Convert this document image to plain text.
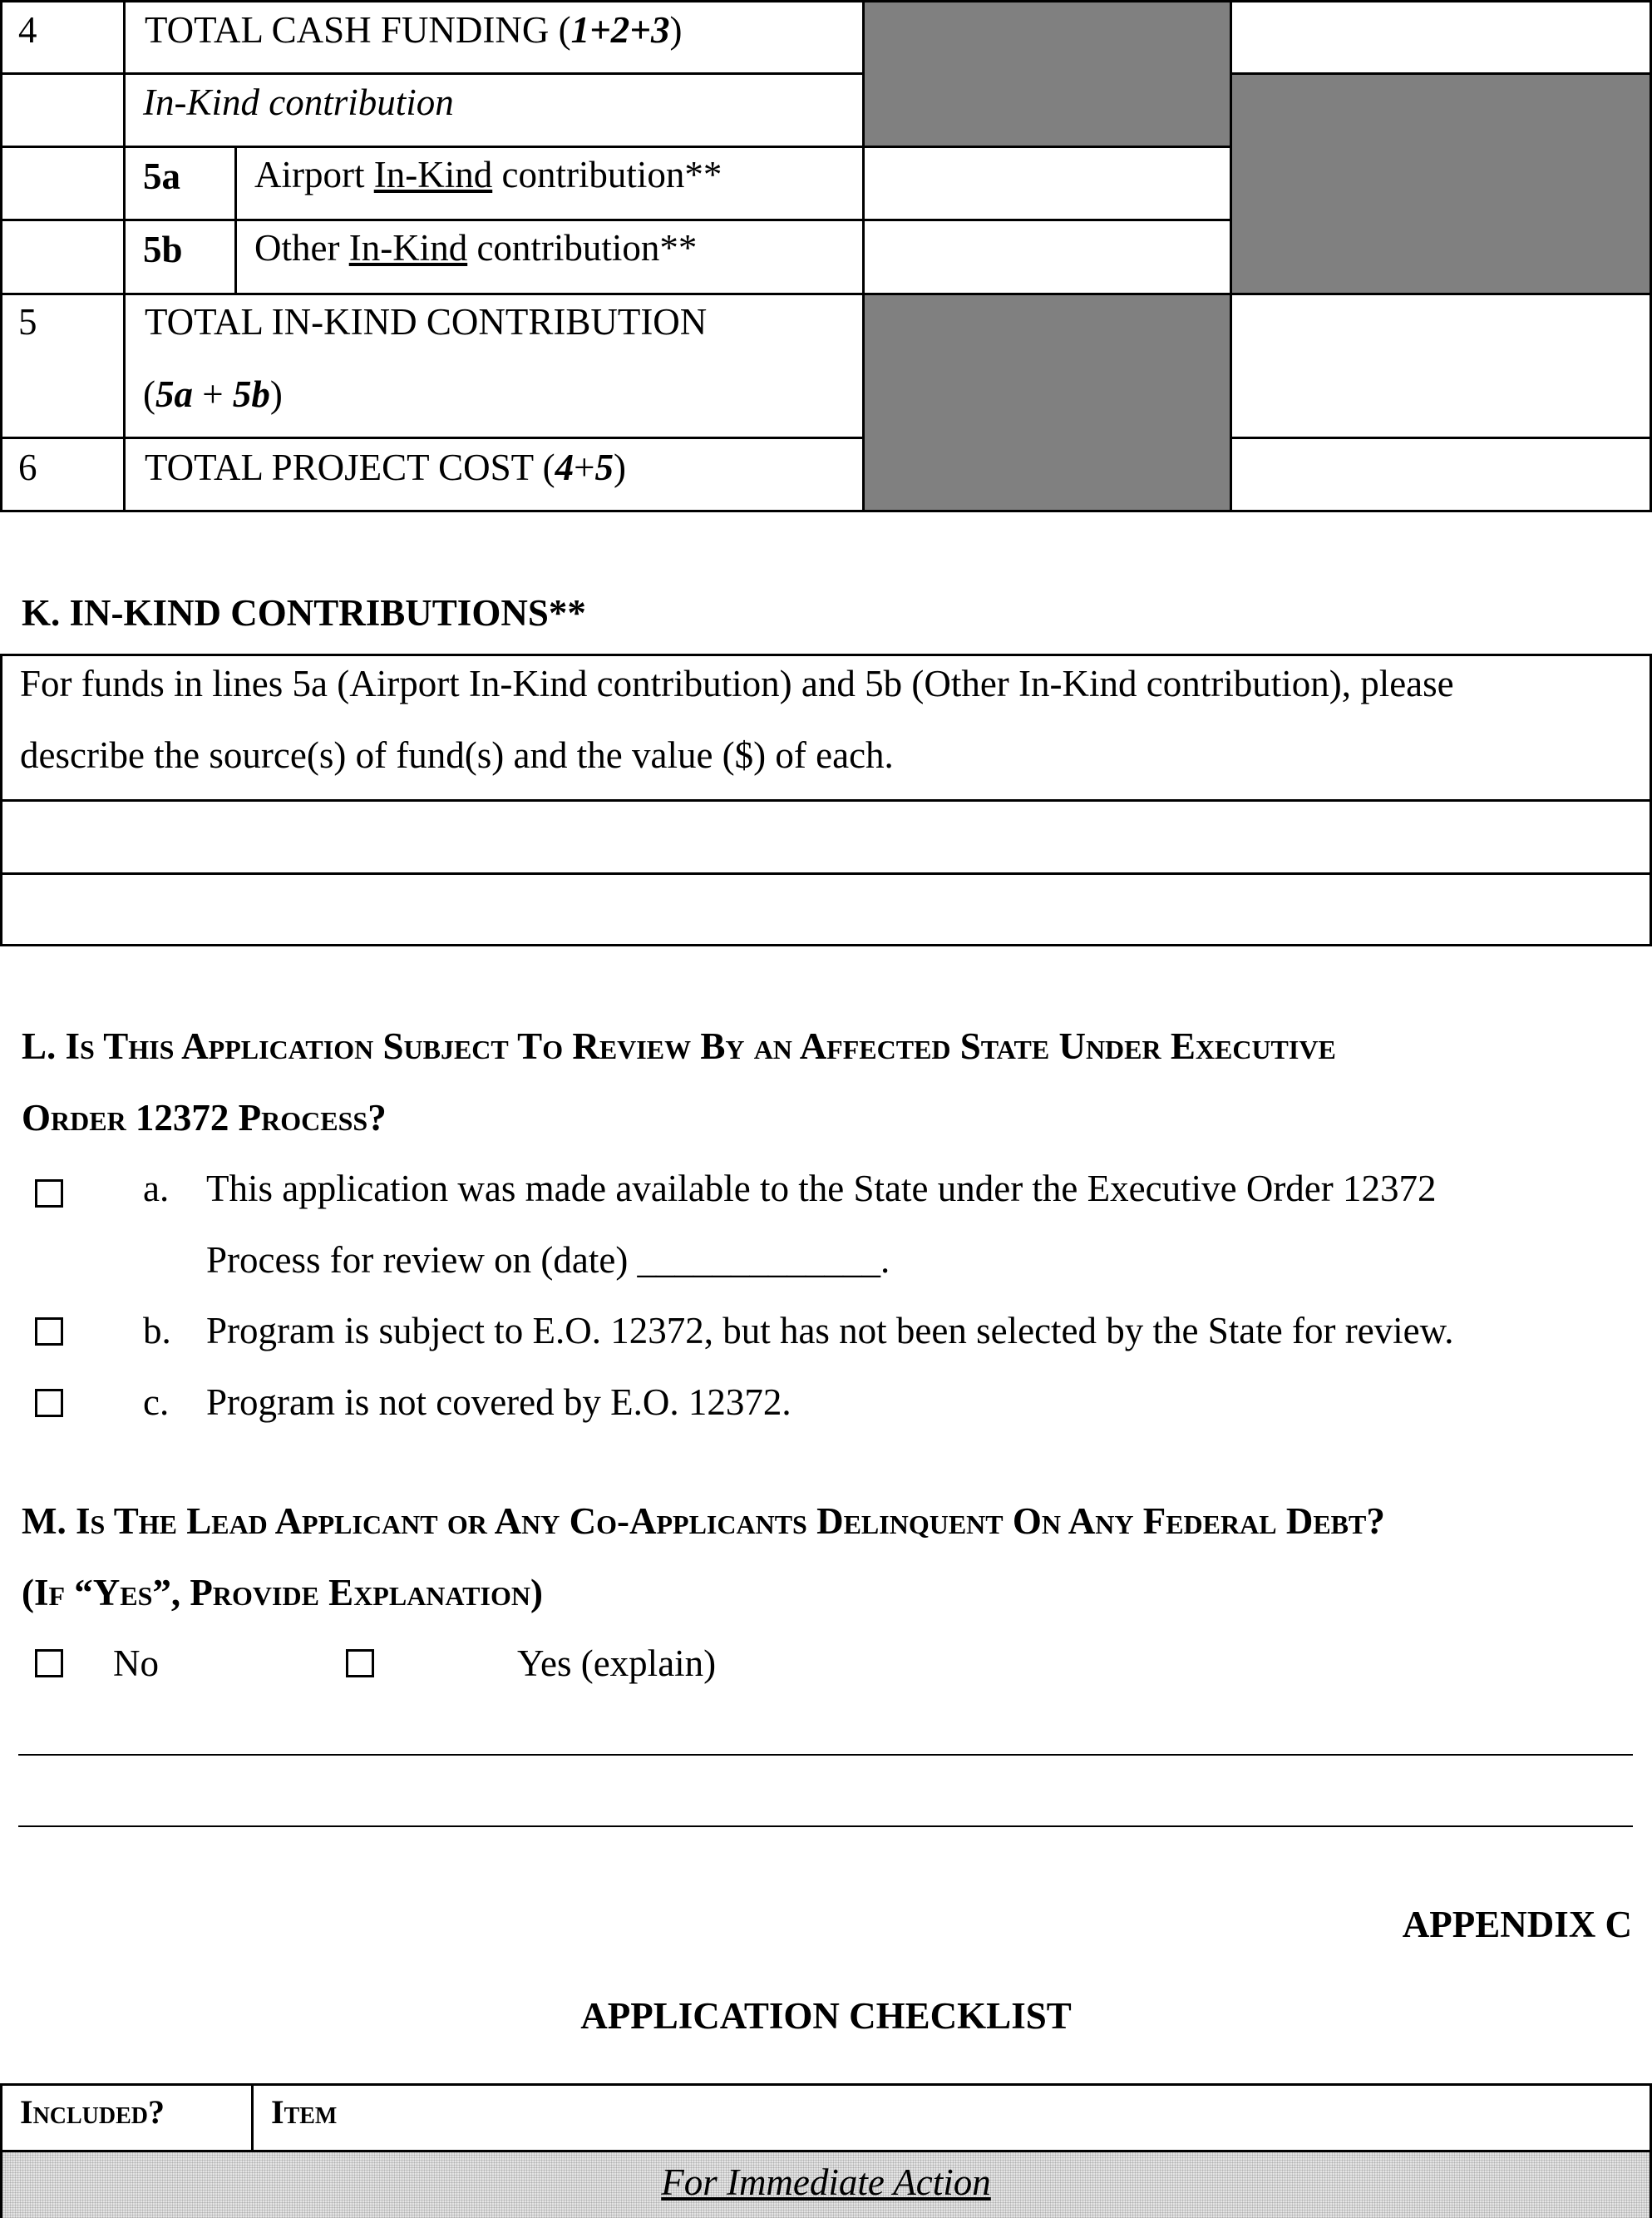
4	TOTAL CASH FUNDING (1+2+3)
In-Kind contribution
5a Airport In-Kind contribution**
5b Other In-Kind contribution**
5	TOTAL IN-KIND CONTRIBUTION
(5a + 5b)
6	TOTAL PROJECT COST (4+5)
K. IN-KIND CONTRIBUTIONS**
For funds in lines 5a (Airport In-Kind contribution) and 5b (Other In-Kind contribution), please
describe the source(s) of fund(s) and the value ($) of each.
L. Is This Application Subject To Review By an Affected State Under Executive
Order 12372 Process?
a. This application was made available to the State under the Executive Order 12372
Process for review on (date) _____________.
b. Program is subject to E.O. 12372, but has not been selected by the State for review.
c. Program is not covered by E.O. 12372.
M. Is The Lead Applicant or Any Co-Applicants Delinquent On Any Federal Debt?
(If “Yes”, Provide Explanation)
No	Yes (explain)
APPENDIX C
APPLICATION CHECKLIST
Included?	Item
For Immediate Action
